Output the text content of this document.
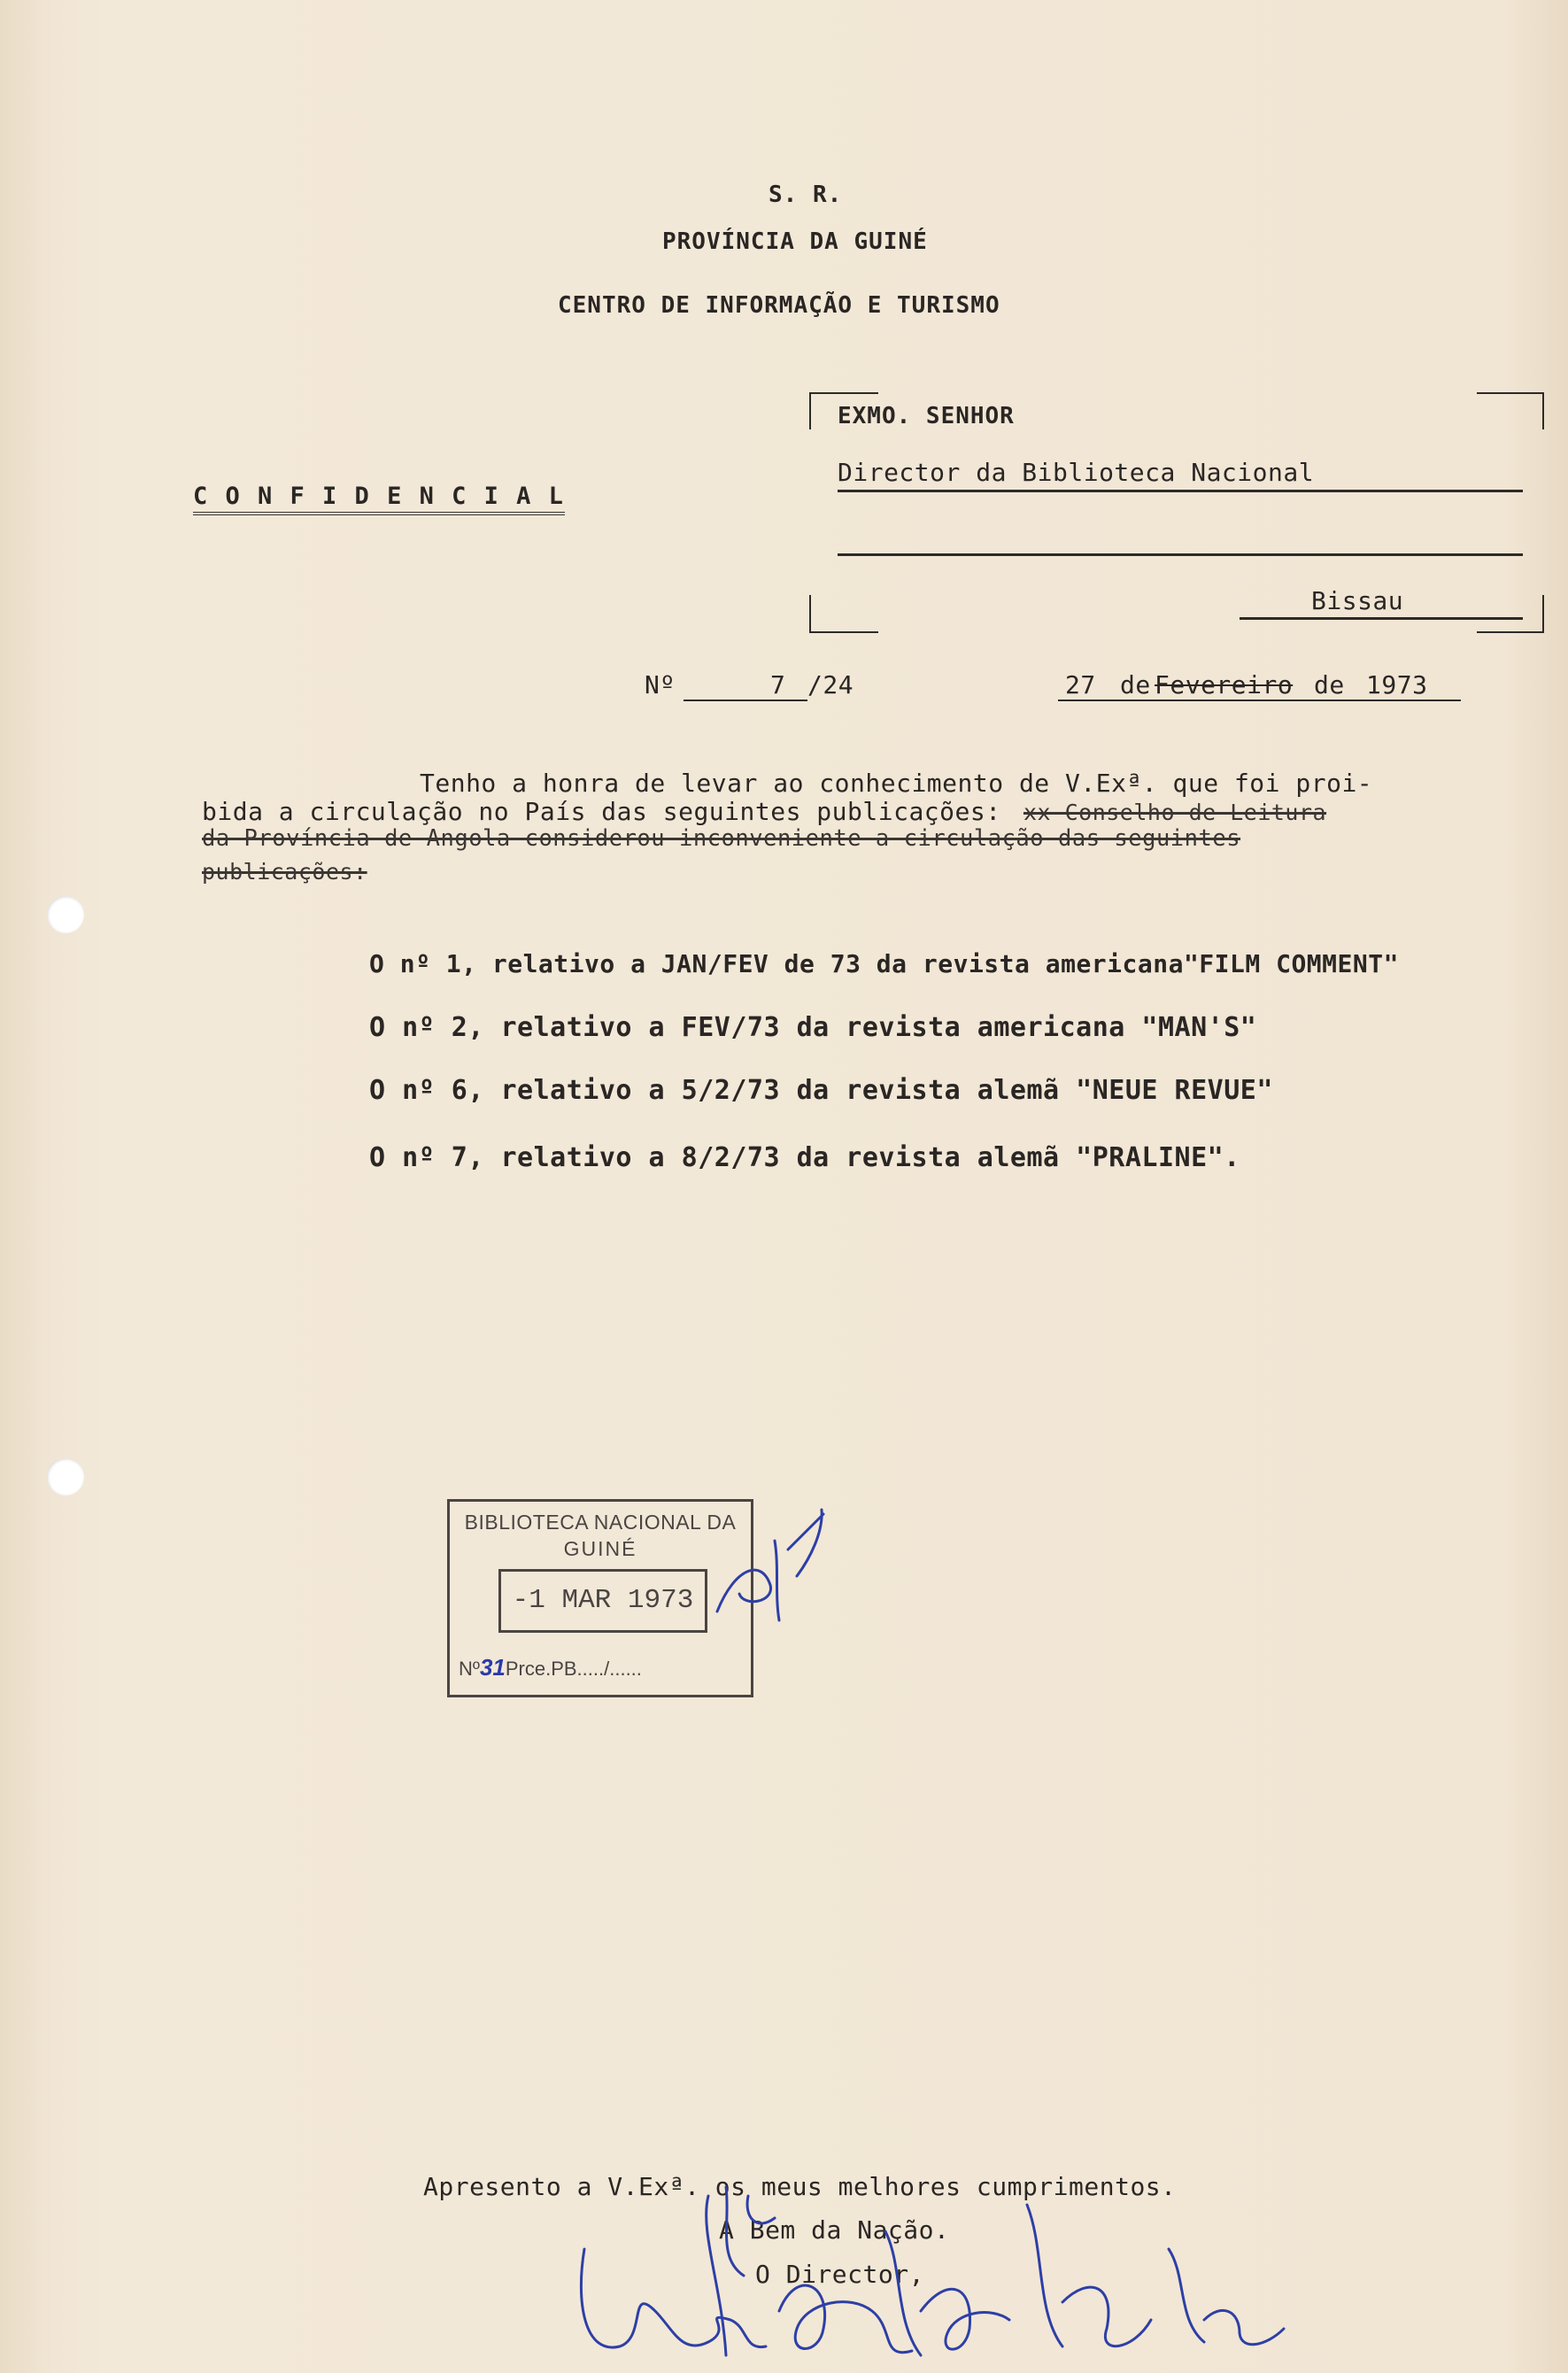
S. R.
PROVÍNCIA DA GUINÉ
CENTRO DE INFORMAÇÃO E TURISMO
C O N F I D E N C I A L
EXMO. SENHOR
Director da Biblioteca Nacional
Bissau
Nº	7 /24	27 de Fevereiro de 1973
Tenho a honra de levar ao conhecimento de V.Exª. que foi proi-
bida a circulação no País das seguintes publicações: xx Conselho de Leitura
da Província de Angola considerou inconveniente a circulação das seguintes
publicações:
O nº 1, relativo a JAN/FEV de 73 da revista americana"FILM COMMENT"
O nº 2, relativo a FEV/73 da revista americana "MAN'S"
O nº 6, relativo a 5/2/73 da revista alemã "NEUE REVUE"
O nº 7, relativo a 8/2/73 da revista alemã "PRALINE".
BIBLIOTECA NACIONAL DA
GUINÉ
-1 MAR 1973
Nº31Prce.PB...../......
Apresento a V.Exª. os meus melhores cumprimentos.
A Bem da Nação.
O Director,
